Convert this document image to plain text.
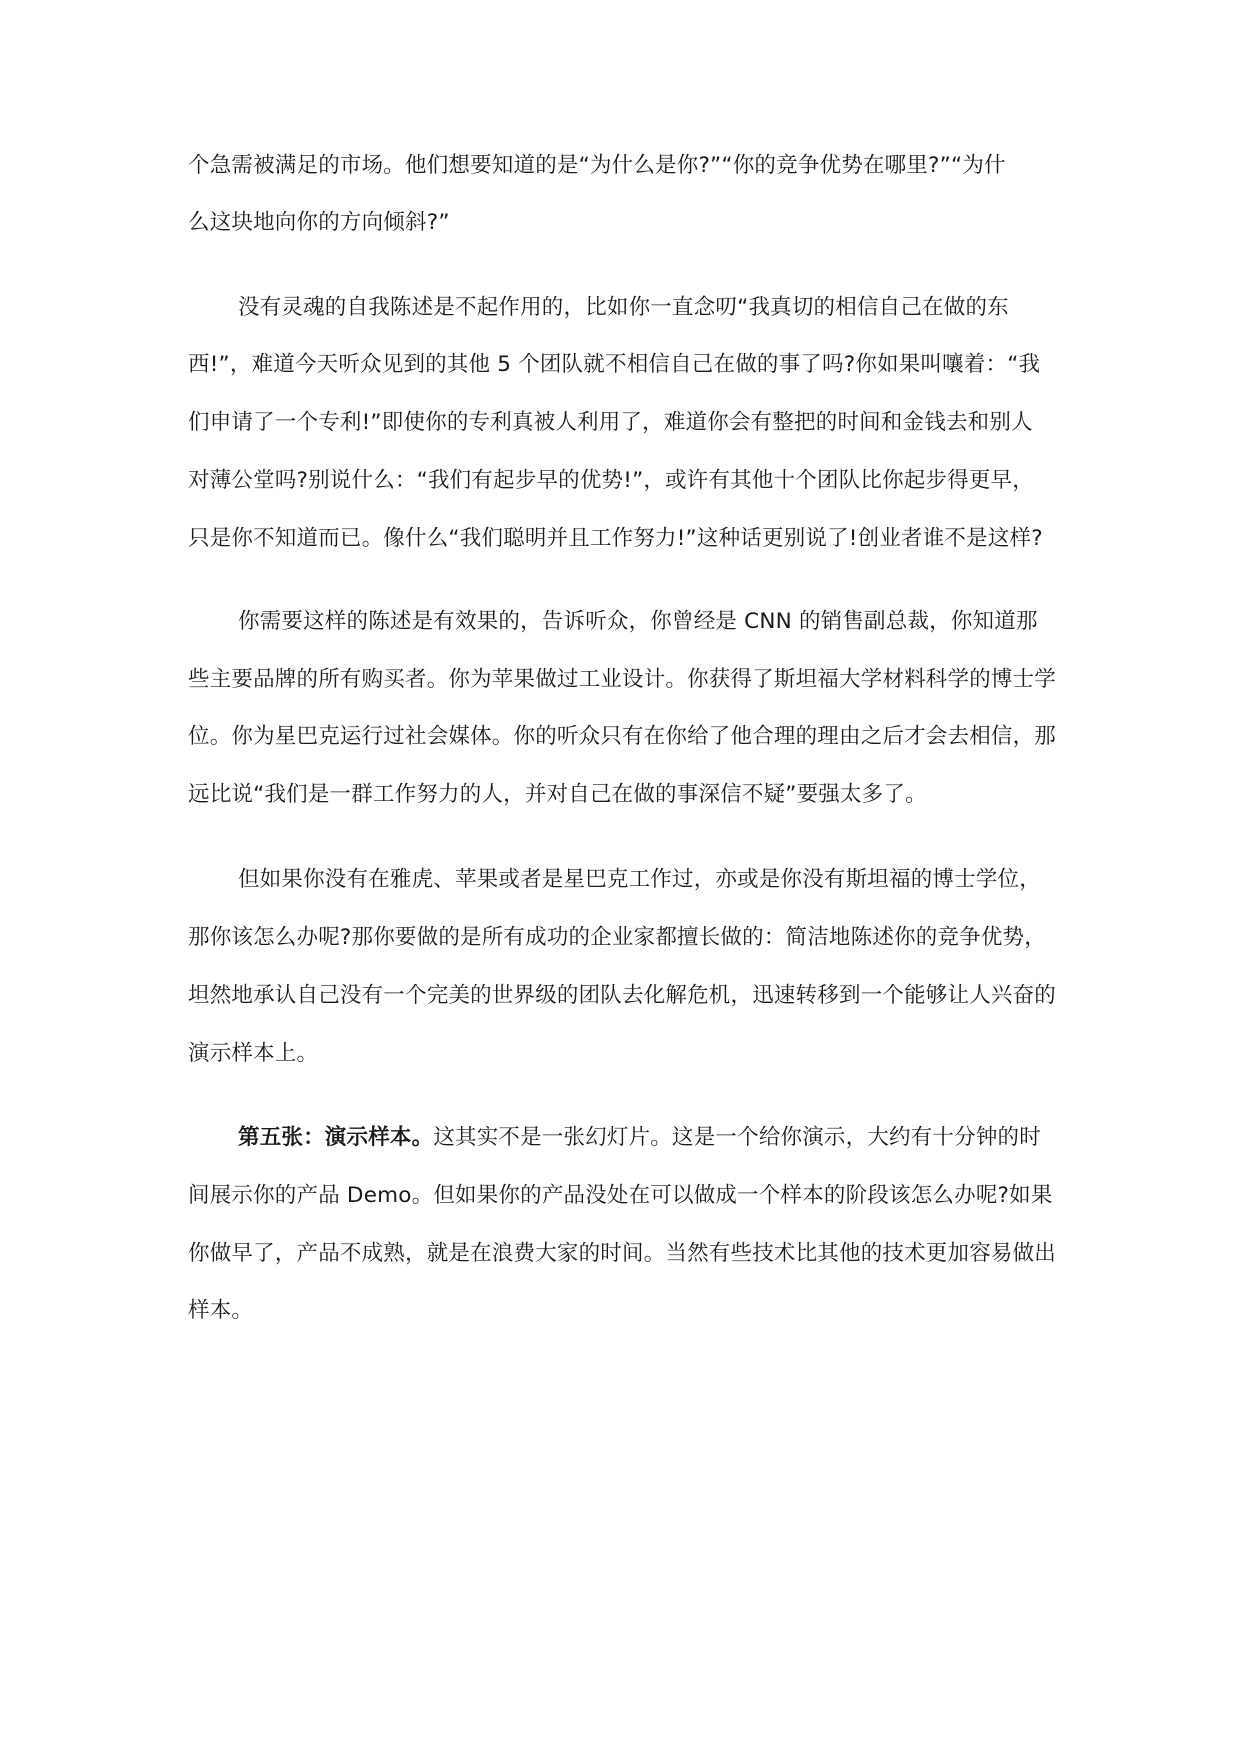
个急需被满足的市场。他们想要知道的是“为什么是你?”“你的竞争优势在哪里?”“为什
么这块地向你的方向倾斜?”
没有灵魂的自我陈述是不起作用的，比如你一直念叨“我真切的相信自己在做的东
西!”，难道今天听众见到的其他 5 个团队就不相信自己在做的事了吗?你如果叫嚷着：“我
们申请了一个专利!”即使你的专利真被人利用了，难道你会有整把的时间和金钱去和别人
对薄公堂吗?别说什么：“我们有起步早的优势!”，或许有其他十个团队比你起步得更早，
只是你不知道而已。像什么“我们聪明并且工作努力!”这种话更别说了!创业者谁不是这样?
你需要这样的陈述是有效果的，告诉听众，你曾经是 CNN 的销售副总裁，你知道那
些主要品牌的所有购买者。你为苹果做过工业设计。你获得了斯坦福大学材料科学的博士学
位。你为星巴克运行过社会媒体。你的听众只有在你给了他合理的理由之后才会去相信，那
远比说“我们是一群工作努力的人，并对自己在做的事深信不疑”要强太多了。
但如果你没有在雅虎、苹果或者是星巴克工作过，亦或是你没有斯坦福的博士学位，
那你该怎么办呢?那你要做的是所有成功的企业家都擅长做的：简洁地陈述你的竞争优势，
坦然地承认自己没有一个完美的世界级的团队去化解危机，迅速转移到一个能够让人兴奋的
演示样本上。
第五张：演示样本。这其实不是一张幻灯片。这是一个给你演示，大约有十分钟的时
间展示你的产品 Demo。但如果你的产品没处在可以做成一个样本的阶段该怎么办呢?如果
你做早了，产品不成熟，就是在浪费大家的时间。当然有些技术比其他的技术更加容易做出
样本。
